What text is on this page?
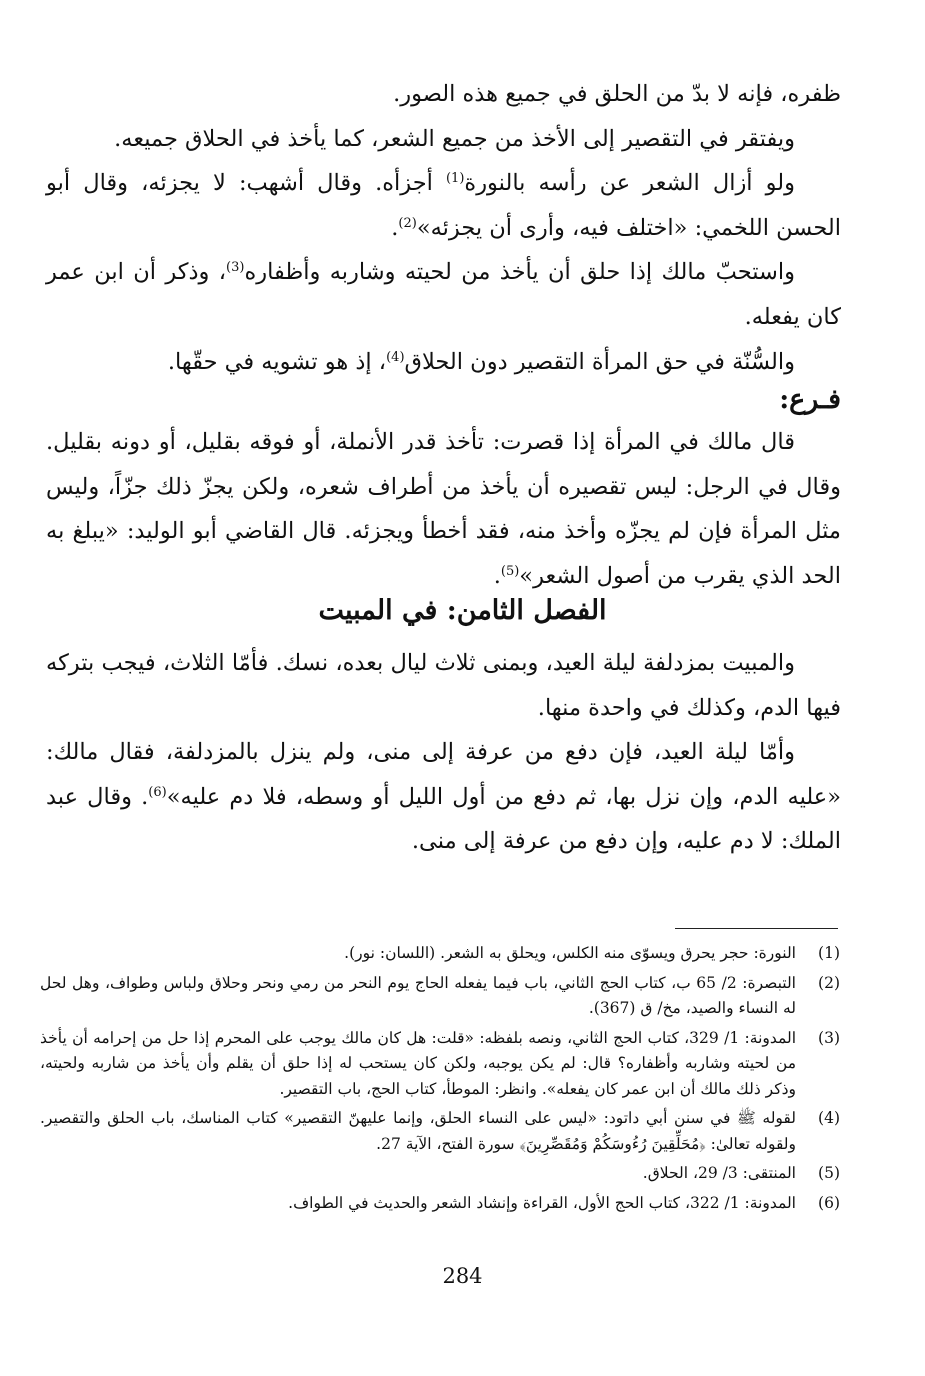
ظفره، فإنه لا بدّ من الحلق في جميع هذه الصور.

ويفتقر في التقصير إلى الأخذ من جميع الشعر، كما يأخذ في الحلاق جميعه.

ولو أزال الشعر عن رأسه بالنورة$^{(1)}$ أجزأه. وقال أشهب: لا يجزئه، وقال أبو الحسن اللخمي: «اختلف فيه، وأرى أن يجزئه»$^{(2)}$.

واستحبّ مالك إذا حلق أن يأخذ من لحيته وشاربه وأظفاره$^{(3)}$، وذكر أن ابن عمر كان يفعله.

والسُّنّة في حق المرأة التقصير دون الحلاق$^{(4)}$، إذ هو تشويه في حقّها.

فـرع:

قال مالك في المرأة إذا قصرت: تأخذ قدر الأنملة، أو فوقه بقليل، أو دونه بقليل. وقال في الرجل: ليس تقصيره أن يأخذ من أطراف شعره، ولكن يجزّ ذلك جزّاً، وليس مثل المرأة فإن لم يجزّه وأخذ منه، فقد أخطأ ويجزئه. قال القاضي أبو الوليد: «يبلغ به الحد الذي يقرب من أصول الشعر»$^{(5)}$.

الفصل الثامن: في المبيت

والمبيت بمزدلفة ليلة العيد، وبمنى ثلاث ليال بعده، نسك. فأمّا الثلاث، فيجب بتركه فيها الدم، وكذلك في واحدة منها.

وأمّا ليلة العيد، فإن دفع من عرفة إلى منى، ولم ينزل بالمزدلفة، فقال مالك: «عليه الدم، وإن نزل بها، ثم دفع من أول الليل أو وسطه، فلا دم عليه»$^{(6)}$. وقال عبد الملك: لا دم عليه، وإن دفع من عرفة إلى منى.

(1)
النورة: حجر يحرق ويسوّى منه الكلس، ويحلق به الشعر. (اللسان: نور).
(2)
التبصرة: 2/ 65 ب، كتاب الحج الثاني، باب فيما يفعله الحاج يوم النحر من رمي ونحر وحلاق ولباس وطواف، وهل لحل له النساء والصيد، مخ/ ق (367).
(3)
المدونة: 1/ 329، كتاب الحج الثاني، ونصه بلفظه: «قلت: هل كان مالك يوجب على المحرم إذا حل من إحرامه أن يأخذ من لحيته وشاربه وأظفاره؟ قال: لم يكن يوجبه، ولكن كان يستحب له إذا حلق أن يقلم وأن يأخذ من شاربه ولحيته، وذكر ذلك مالك أن ابن عمر كان يفعله». وانظر: الموطأ، كتاب الحج، باب التقصير.
(4)
لقوله ﷺ في سنن أبي داتود: «ليس على النساء الحلق، وإنما عليهنّ التقصير» كتاب المناسك، باب الحلق والتقصير. ولقوله تعالىٰ: ﴿مُحَلِّقِينَ رُءُوسَكُمْ وَمُقَصِّرِينَ﴾ سورة الفتح، الآية 27.
(5)
المنتقى: 3/ 29، الحلاق.
(6)
المدونة: 1/ 322، كتاب الحج الأول، القراءة وإنشاد الشعر والحديث في الطواف.
284
